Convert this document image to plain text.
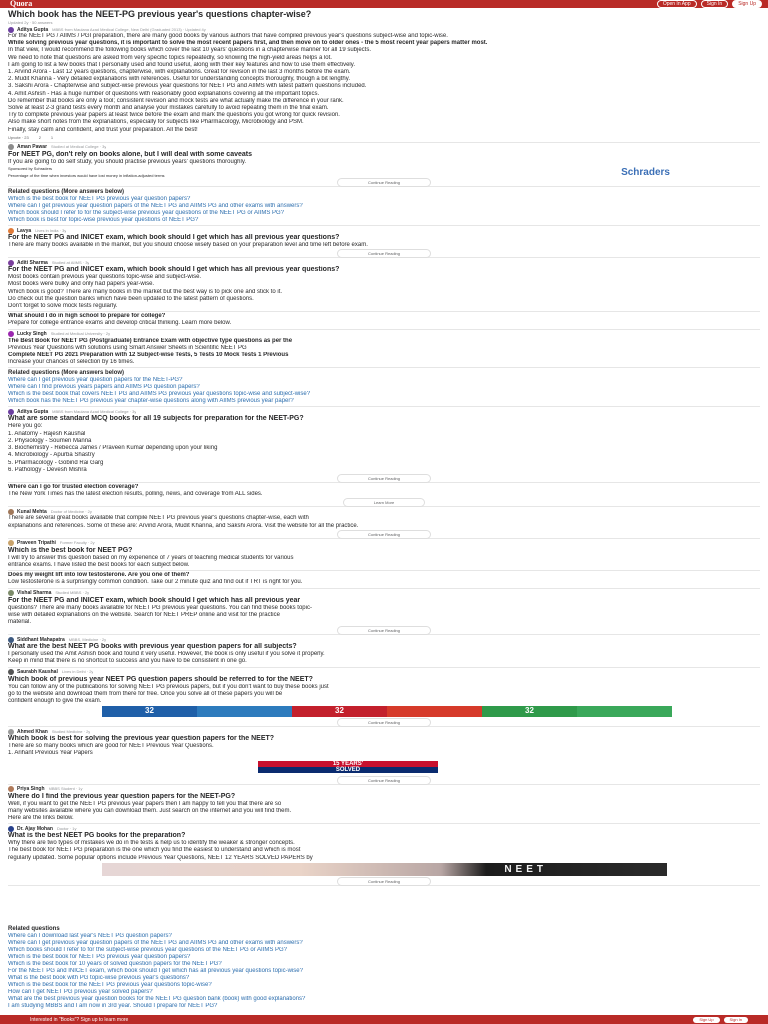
Quora	Open In App	Sign In	Sign Up
Which book has the NEET-PG previous year's questions chapter-wise?
Updated 2y · 50 answers
Aditya Gupta MBBS from Maulana Azad Medical College, New Delhi (Graduated 2013) · Updated 4y

For the NEET PG / AIIMS / PGI preparation, there are many good books by various authors that have compiled previous year's questions subject-wise and topic-wise.

While solving previous year questions, it is important to solve the most recent papers first, and then move on to older ones - the 5 most recent year papers matter most.

In that view, I would recommend the following books which cover the last 10 years' questions in a chapterwise manner for all 19 subjects.

We need to note that questions are asked from very specific topics repeatedly, so knowing the high-yield areas helps a lot.

I am going to list a few books that I personally used and found useful, along with their key features and how to use them effectively.

1. Arvind Arora - Last 12 years questions, chapterwise, with explanations. Great for revision in the last 3 months before the exam.

2. Mudit Khanna - Very detailed explanations with references. Useful for understanding concepts thoroughly, though a bit lengthy.

3. Sakshi Arora - Chapterwise and subject-wise previous year questions for NEET PG and AIIMS with latest pattern questions included.

4. Amit Ashish - Has a huge number of questions with reasonably good explanations covering all the important topics.

Do remember that books are only a tool; consistent revision and mock tests are what actually make the difference in your rank.

Solve at least 2-3 grand tests every month and analyse your mistakes carefully to avoid repeating them in the final exam.

Try to complete previous year papers at least twice before the exam and mark the questions you got wrong for quick revision.

Also make short notes from the explanations, especially for subjects like Pharmacology, Microbiology and PSM.

Finally, stay calm and confident, and trust your preparation. All the best!

Upvote · 23	2	1
Aman Pawar Studied at Medical College · 3y

For NEET PG, don't rely on books alone, but I will deal with some caveats

If you are going to do self study, you should practise previous years' questions thoroughly.

Sponsored by Schraders

Percentage of the time when investors would have lost money in inflation-adjusted terms	Schraders
Continue Reading
Related questions (More answers below)
Which is the best book for NEET PG previous year question papers?
Where can I get previous year question papers of the NEET PG and AIIMS PG and other exams with answers?
Which book should I refer to for the subject-wise previous year questions of the NEET PG or AIIMS PG?
Which book is best for topic-wise previous year questions of NEET PG?
Lavya Lives in India · 3y

For the NEET PG and INICET exam, which book should I get which has all previous year questions?

There are many books available in the market, but you should choose wisely based on your preparation level and time left before exam.

Continue Reading
Aditi Sharma Studied at AIIMS · 3y

For the NEET PG and INICET exam, which book should I get which has all previous year questions?

Most books contain previous year questions topic-wise and subject-wise.

Most books were bulky and only had papers year-wise.

Which book is good? There are many books in the market but the best way is to pick one and stick to it.

Do check out the question banks which have been updated to the latest pattern of questions.

Don't forget to solve mock tests regularly.

What should I do in high school to prepare for college?

Prepare for college entrance exams and develop critical thinking. Learn more below.

Lucky Singh Studied at Medical University · 2y

The Best Book for NEET PG (Postgraduate) Entrance Exam with objective type questions as per the

Previous Year Questions with solutions using Smart Answer Sheets in Scientific NEET PG

Complete NEET PG 2021 Preparation with 12 Subject-wise Tests, 5 Tests 10 Mock Tests 1 Previous

Increase your chances of selection by 16 times.

Related questions (More answers below)
Where can I get previous year question papers for the NEET-PG?
Where can I find previous years papers and AIIMS PG question papers?
Which is the best book that covers NEET PG and AIIMS PG previous year questions topic-wise and subject-wise?
Which book has the NEET PG previous year chapter-wise questions along with AIIMS previous year paper?
Aditya Gupta MBBS from Maulana Azad Medical College · 3y

What are some standard MCQ books for all 19 subjects for preparation for the NEET-PG?

Here you go:

1. Anatomy - Rajesh Kaushal

2. Physiology - Soumen Manna

3. Biochemistry - Rebecca James / Praveen Kumar depending upon your liking

4. Microbiology - Apurba Shastry

5. Pharmacology - Gobind Rai Garg

6. Pathology - Devesh Mishra

Continue Reading

Where can I go for trusted election coverage?

The New York Times has the latest election results, polling, news, and coverage from ALL sides.

Learn More
Kunal Mehta Doctor of Medicine · 2y

There are several great books available that compile NEET PG previous year's questions chapter-wise, each with

explanations and references. Some of these are: Arvind Arora, Mudit Khanna, and Sakshi Arora. Visit the website for all the practice.

Continue Reading
Praveen Tripathi Former Faculty · 2y

Which is the best book for NEET PG?

I will try to answer this question based on my experience of 7 years of teaching medical students for various

entrance exams. I have listed the best books for each subject below.

Does my weight lift into low testosterone. Are you one of them?

Low testosterone is a surprisingly common condition. Take our 2 minute quiz and find out if TRT is right for you.

Vishal Sharma Studied MBBS · 2y

For the NEET PG and INICET exam, which book should I get which has all previous year

questions? There are many books available for NEET PG previous year questions. You can find these books topic-

wise with detailed explanations on the website. Search for NEET PREP online and visit for the practice

material.

Continue Reading
Siddhant Mahapatra MBBS, Medicine · 2y

What are the best NEET PG books with previous year question papers for all subjects?

I personally used the Amit Ashish book and found it very useful. However, the book is only useful if you solve it properly.

Keep in mind that there is no shortcut to success and you have to be consistent in one go.

Saurabh Kaushal Lives in Delhi · 2y

Which book of previous year NEET PG question papers should be referred to for the NEET?

You can follow any of the publications for solving NEET PG previous papers, but if you don't want to buy these books just

go to the website and download them from there for free. Once you solve all of these papers you will be

confident enough to give the exam.

32	32	32
Continue Reading
Ahmed Khan Studied Medicine · 2y

Which book is best for solving the previous year question papers for the NEET?

There are so many books which are good for NEET Previous Year Questions.

1. Arihant Previous Year Papers

15 YEARS'
SOLVED
Continue Reading
Priya Singh MBBS Student · 1y

Where do I find the previous year question papers for the NEET-PG?

Well, if you want to get the NEET PG previous year papers then I am happy to tell you that there are so

many websites available where you can download them. Just search on the internet and you will find them.

Here are the links below.

Dr. Ajay Mohan Doctor · 1y

What is the best NEET PG books for the preparation?

Why there are two types of mistakes we do in the tests & help us to identify the weaker & stronger concepts.

The best book for NEET PG preparation is the one which you find the easiest to understand and which is most

regularly updated. Some popular options include Previous Year Questions, NEET 12 YEARS SOLVED PAPERS by

NEET
Continue Reading
Related questions
Where can I download last year's NEET PG question papers?
Where can I get previous year question papers of the NEET PG and AIIMS PG and other exams with answers?
Which books should I refer to for the subject-wise previous year questions of the NEET PG or AIIMS PG?
Which is the best book for NEET PG previous year question papers?
Which is the best book for 10 years of solved question papers for the NEET PG?
For the NEET PG and INICET exam, which book should I get which has all previous year questions topic-wise?
What is the best book with PG topic-wise previous year's questions?
Which is the best book for the NEET PG previous year questions topic-wise?
How can I get NEET PG previous year solved papers?
What are the best previous year question books for the NEET PG question bank (book) with good explanations?
I am studying MBBS and I am now in 3rd year. Should I prepare for NEET PG?
Interested in "Books"? Sign up to learn more	Sign Up	Sign In
